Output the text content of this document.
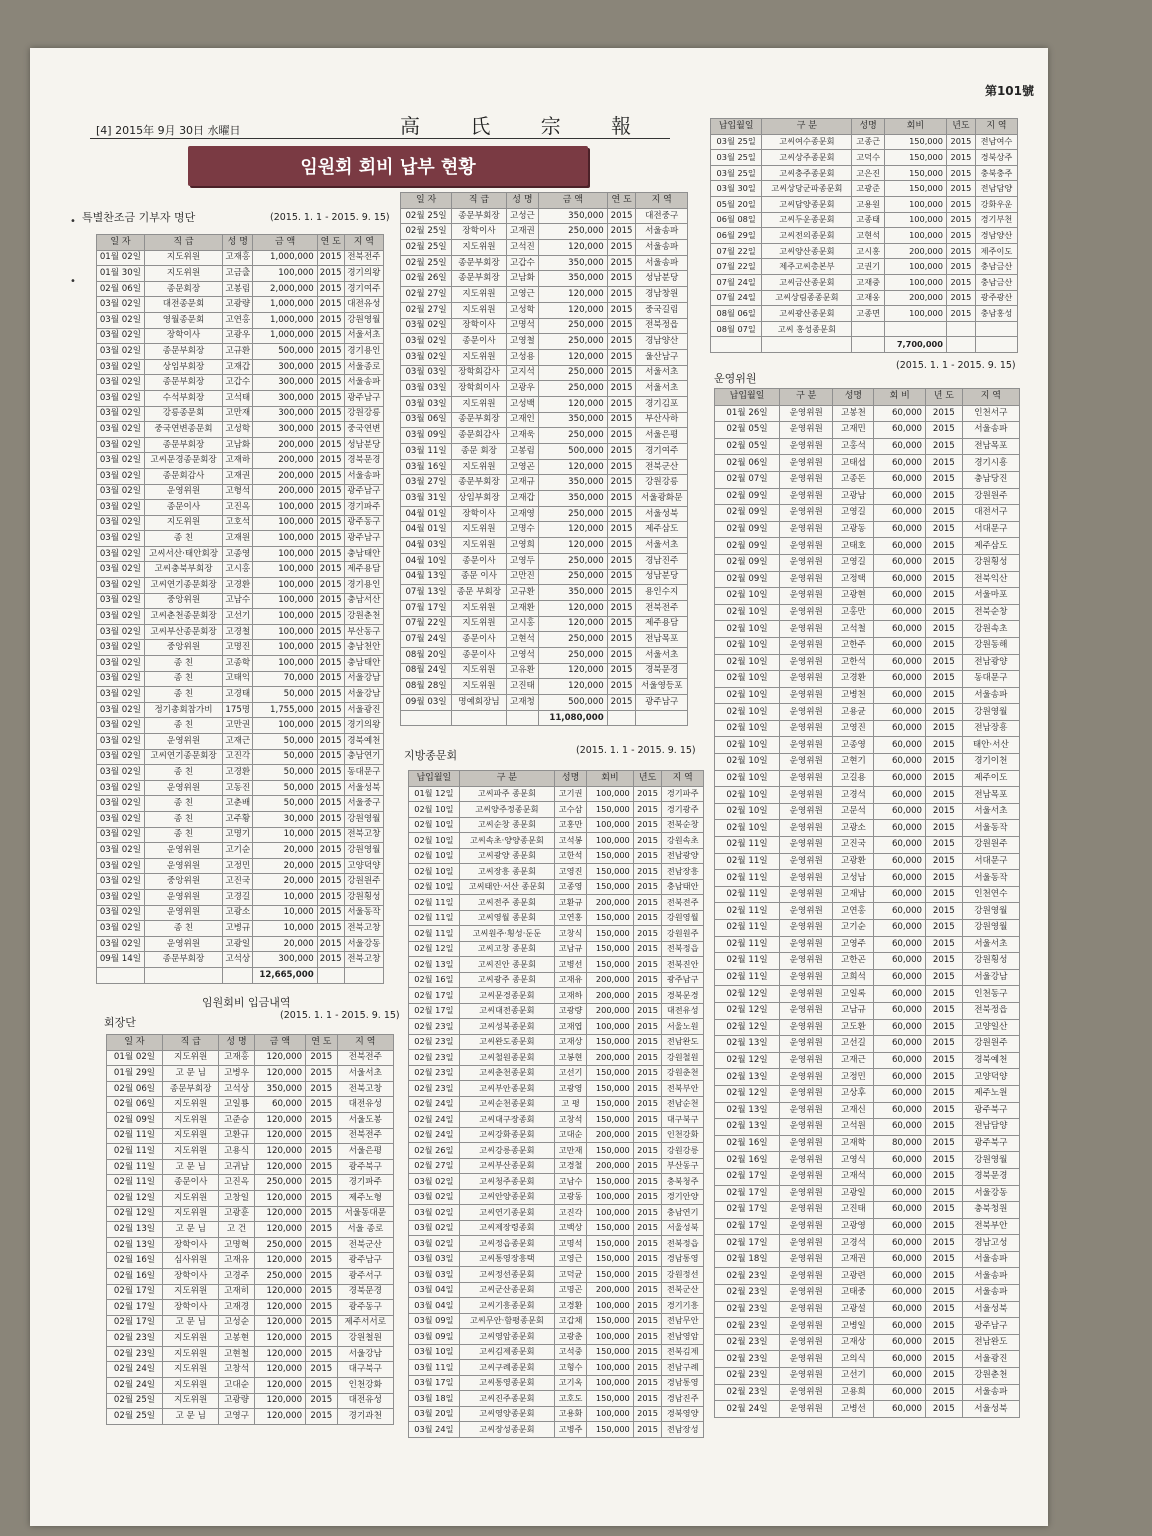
第101號
[4] 2015年 9月 30日 水曜日	高 氏 宗 報
임원회 회비 납부 현황
•
•
특별찬조금 기부자 명단	(2015. 1. 1 - 2015. 9. 15)
일 자	직 급	성 명	금 액	연 도	지 역
01월 02일	지도위원	고재홍	1,000,000	2015	전북전주
01월 30일	지도위원	고금출	100,000	2015	경기의왕
02월 06일	종문회장	고봉림	2,000,000	2015	경기여주
03월 02일	대전종문회	고광량	1,000,000	2015	대전유성
03월 02일	영월종문회	고연홍	1,000,000	2015	강원영월
03월 02일	장학이사	고광우	1,000,000	2015	서울서초
03월 02일	종문부회장	고규환	500,000	2015	경기용인
03월 02일	상임부회장	고재갑	300,000	2015	서울종로
03월 02일	종문부회장	고갑수	300,000	2015	서울송파
03월 02일	수석부회장	고석태	300,000	2015	광주남구
03월 02일	강릉종문회	고만재	300,000	2015	강원강릉
03월 02일	중국연변종문회	고성학	300,000	2015	중국연변
03월 02일	종문부회장	고남화	200,000	2015	성남분당
03월 02일	고씨문경종문회장	고재하	200,000	2015	경북문경
03월 02일	종문회감사	고재권	200,000	2015	서울송파
03월 02일	운영위원	고형석	200,000	2015	광주남구
03월 02일	종문이사	고진옥	100,000	2015	경기파주
03월 02일	지도위원	고호석	100,000	2015	광주동구
03월 02일	종 친	고재원	100,000	2015	광주남구
03월 02일	고씨서산·태안회장	고종영	100,000	2015	충남태안
03월 02일	고씨충북부회장	고시홍	100,000	2015	제주용담
03월 02일	고씨연기종문회장	고경환	100,000	2015	경기용인
03월 02일	중앙위원	고남수	100,000	2015	충남서산
03월 02일	고씨춘천종문회장	고선기	100,000	2015	강원춘천
03월 02일	고씨부산종문회장	고경철	100,000	2015	부산동구
03월 02일	중앙위원	고명진	100,000	2015	충남천안
03월 02일	종 친	고종학	100,000	2015	충남태안
03월 02일	종 친	고태익	70,000	2015	서울강남
03월 02일	종 친	고경태	50,000	2015	서울강남
03월 02일	정기총회참가비	175명	1,755,000	2015	서울광진
03월 02일	종 친	고만권	100,000	2015	경기의왕
03월 02일	운영위원	고재근	50,000	2015	경북예천
03월 02일	고씨연기종문회장	고진각	50,000	2015	충남연기
03월 02일	종 친	고경환	50,000	2015	동대문구
03월 02일	운영위원	고동진	50,000	2015	서울성북
03월 02일	종 친	고춘배	50,000	2015	서울중구
03월 02일	종 친	고주황	30,000	2015	강원영월
03월 02일	종 친	고명기	10,000	2015	전북고창
03월 02일	운영위원	고기순	20,000	2015	강원영월
03월 02일	운영위원	고정민	20,000	2015	고양덕양
03월 02일	중앙위원	고진국	20,000	2015	강원원주
03월 02일	운영위원	고경길	10,000	2015	강원횡성
03월 02일	운영위원	고광소	10,000	2015	서울동작
03월 02일	종 친	고병규	10,000	2015	전북고창
03월 02일	운영위원	고광일	20,000	2015	서울강동
09월 14일	종문부회장	고석상	300,000	2015	전북고창
			12,665,000		
임원회비 입금내역
회장단
(2015. 1. 1 - 2015. 9. 15)
일 자	직 급	성 명	금 액	연 도	지 역
01월 02일	지도위원	고재홍	120,000	2015	전북전주
01월 29일	고 문 님	고병우	120,000	2015	서울서초
02월 06일	종문부회장	고석상	350,000	2015	전북고창
02월 06일	지도위원	고일룡	60,000	2015	대전유성
02월 09일	지도위원	고준승	120,000	2015	서울도봉
02월 11일	지도위원	고환규	120,000	2015	전북전주
02월 11일	지도위원	고용식	120,000	2015	서울은평
02월 11일	고 문 님	고귀남	120,000	2015	광주북구
02월 11일	종문이사	고진옥	250,000	2015	경기파주
02월 12일	지도위원	고창일	120,000	2015	제주노형
02월 12일	지도위원	고광훈	120,000	2015	서울동대문
02월 13일	고 문 님	고 건	120,000	2015	서울 종로
02월 13일	장학이사	고명혁	250,000	2015	전북군산
02월 16일	심사위원	고재유	120,000	2015	광주남구
02월 16일	장학이사	고경주	250,000	2015	광주서구
02월 17일	지도위원	고재히	120,000	2015	경북문경
02월 17일	장학이사	고재경	120,000	2015	광주동구
02월 17일	고 문 님	고성순	120,000	2015	제주서서로
02월 23일	지도위원	고봉현	120,000	2015	강원철원
02월 23일	지도위원	고현철	120,000	2015	서울강남
02월 24일	지도위원	고창석	120,000	2015	대구북구
02월 24일	지도위원	고대순	120,000	2015	인천강화
02월 25일	지도위원	고광량	120,000	2015	대전유성
02월 25일	고 문 님	고영구	120,000	2015	경기과천
일 자	직 급	성 명	금 액	연 도	지 역
02월 25일	종문부회장	고성근	350,000	2015	대전중구
02월 25일	장학이사	고재권	250,000	2015	서울송파
02월 25일	지도위원	고석진	120,000	2015	서울송파
02월 25일	종문부회장	고갑수	350,000	2015	서울송파
02월 26일	종문부회장	고남화	350,000	2015	성남분당
02월 27일	지도위원	고영근	120,000	2015	경남창원
02월 27일	지도위원	고성학	120,000	2015	중국길림
03월 02일	장학이사	고명석	250,000	2015	전북정읍
03월 02일	종문이사	고영철	250,000	2015	경남양산
03월 02일	지도위원	고성용	120,000	2015	울산남구
03월 03일	장학회감사	고지석	250,000	2015	서울서초
03월 03일	장학회이사	고광우	250,000	2015	서울서초
03월 03일	지도위원	고성백	120,000	2015	경기김포
03월 06일	종문부회장	고재인	350,000	2015	부산사하
03월 09일	종문회감사	고재욱	250,000	2015	서울은평
03월 11일	종문 회장	고봉림	500,000	2015	경기여주
03월 16일	지도위원	고영곤	120,000	2015	전북군산
03월 27일	종문부회장	고재규	350,000	2015	강원강릉
03월 31일	상임부회장	고재갑	350,000	2015	서울광화문
04월 01일	장학이사	고재영	250,000	2015	서울성북
04월 01일	지도위원	고명수	120,000	2015	제주삼도
04월 03일	지도위원	고영희	120,000	2015	서울서초
04월 10일	종문이사	고영두	250,000	2015	경남진주
04월 13일	종문 이사	고만진	250,000	2015	성남분당
07월 13일	종문 부회장	고규환	350,000	2015	용인수지
07월 17일	지도위원	고재환	120,000	2015	전북전주
07월 22일	지도위원	고시홍	120,000	2015	제주용담
07월 24일	종문이사	고현석	250,000	2015	전남목포
08월 20일	종문이사	고영석	250,000	2015	서울서초
08월 24일	지도위원	고유환	120,000	2015	경북문경
08월 28일	지도위원	고진태	120,000	2015	서울영등포
09월 03일	명예회장님	고재청	500,000	2015	광주남구
			11,080,000		
지방종문회	(2015. 1. 1 - 2015. 9. 15)
납입월일	구 분	성명	회비	년도	지 역
01월 12일	고씨파주 종문회	고기권	100,000	2015	경기파주
02월 10일	고씨양주정종문회	고수삼	150,000	2015	경기광주
02월 10일	고씨순창 종문회	고홍만	100,000	2015	전북순창
02월 10일	고씨속초·양양종문회	고석봉	100,000	2015	강원속초
02월 10일	고씨광양 종문회	고한석	150,000	2015	전남광양
02월 10일	고씨장흥 종문회	고영진	150,000	2015	전남장흥
02월 10일	고씨태안·서산 종문회	고종영	150,000	2015	충남태안
02월 11일	고씨전주 종문회	고환규	200,000	2015	전북전주
02월 11일	고씨영월 종문회	고연홍	150,000	2015	강원영월
02월 11일	고씨원주·횡성·둔둔	고창식	150,000	2015	강원원주
02월 12일	고씨고창 종문회	고남규	150,000	2015	전북정읍
02월 13일	고씨진안 종문회	고병선	150,000	2015	전북진안
02월 16일	고씨광주 종문회	고재유	200,000	2015	광주남구
02월 17일	고씨문경종문회	고재하	200,000	2015	경북문경
02월 17일	고씨대전종문회	고광량	200,000	2015	대전유성
02월 23일	고씨성북종문회	고재엽	100,000	2015	서울노원
02월 23일	고씨완도종문회	고재상	150,000	2015	전남완도
02월 23일	고씨철원종문회	고봉현	200,000	2015	강원철원
02월 23일	고씨춘천종문회	고선기	150,000	2015	강원춘천
02월 23일	고씨부안종문회	고광영	150,000	2015	전북부안
02월 24일	고씨순천종문회	고 평	150,000	2015	전남순천
02월 24일	고씨대구장종회	고창석	150,000	2015	대구북구
02월 24일	고씨강화종문회	고대순	200,000	2015	인천강화
02월 26일	고씨강릉종문회	고만재	150,000	2015	강원강릉
02월 27일	고씨부산종문회	고경철	200,000	2015	부산동구
03월 02일	고씨청주종문회	고남수	150,000	2015	충북청주
03월 02일	고씨안양종문회	고광동	100,000	2015	경기안양
03월 02일	고씨연기종문회	고진각	100,000	2015	충남연기
03월 02일	고씨제장령종회	고백상	150,000	2015	서울성북
03월 02일	고씨정읍종문회	고명석	150,000	2015	전북정읍
03월 03일	고씨통영장흥택	고영근	150,000	2015	경남통영
03월 03일	고씨정선종문회	고덕균	150,000	2015	강원정선
03월 04일	고씨군산종문회	고명곤	200,000	2015	전북군산
03월 04일	고씨기흥종문회	고경환	100,000	2015	경기기흥
03월 09일	고씨무안·함평종문회	고갑채	150,000	2015	전남무안
03월 09일	고씨영암종문회	고광춘	100,000	2015	전남영암
03월 10일	고씨김제종문회	고석중	150,000	2015	전북김제
03월 11일	고씨구례종문회	고형수	100,000	2015	전남구례
03월 17일	고씨통영종문회	고기옥	100,000	2015	경남통영
03월 18일	고씨진주종문회	고호도	150,000	2015	경남진주
03월 20일	고씨영양종문회	고용화	100,000	2015	경북영양
03월 24일	고씨장성종문회	고병주	150,000	2015	전남장성
납입월일	구 분	성명	회비	년도	지 역
03월 25일	고씨여수종문회	고종근	150,000	2015	전남여수
03월 25일	고씨상주종문회	고덕수	150,000	2015	경북상주
03월 25일	고씨충주종문회	고은진	150,000	2015	충북충주
03월 30일	고씨상당군파종문회	고광준	150,000	2015	전남담양
05월 20일	고씨담양종문회	고용원	100,000	2015	강화우운
06월 08일	고씨두운종문회	고종태	100,000	2015	경기부천
06월 29일	고씨전의종문회	고현석	100,000	2015	경남양산
07월 22일	고씨양산종문회	고시홍	200,000	2015	제주이도
07월 22일	제주고씨총본부	고권기	100,000	2015	충남금산
07월 24일	고씨금산종문회	고재중	100,000	2015	충남금산
07월 24일	고씨상림종종문회	고재웅	200,000	2015	광주광산
08월 06일	고씨광산종문회	고종면	100,000	2015	충남홍성
08월 07일	고씨 홍성종문회				
			7,700,000		
운영위원
(2015. 1. 1 - 2015. 9. 15)
납입월일	구 분	성명	회 비	년 도	지 역
01월 26일	운영위원	고봉천	60,000	2015	인천서구
02월 05일	운영위원	고재민	60,000	2015	서울송파
02월 05일	운영위원	고홍석	60,000	2015	전남목포
02월 06일	운영위원	고태섭	60,000	2015	경기시흥
02월 07일	운영위원	고종돈	60,000	2015	충남당진
02월 09일	운영위원	고광남	60,000	2015	강원원주
02월 09일	운영위원	고영길	60,000	2015	대전서구
02월 09일	운영위원	고광동	60,000	2015	서대문구
02월 09일	운영위원	고태호	60,000	2015	제주삼도
02월 09일	운영위원	고영길	60,000	2015	강원횡성
02월 09일	운영위원	고정택	60,000	2015	전북익산
02월 10일	운영위원	고광현	60,000	2015	서울마포
02월 10일	운영위원	고홍만	60,000	2015	전북순창
02월 10일	운영위원	고석철	60,000	2015	강원속초
02월 10일	운영위원	고한주	60,000	2015	강원동해
02월 10일	운영위원	고한석	60,000	2015	전남광양
02월 10일	운영위원	고경환	60,000	2015	동대문구
02월 10일	운영위원	고병천	60,000	2015	서울송파
02월 10일	운영위원	고용균	60,000	2015	강원영월
02월 10일	운영위원	고영진	60,000	2015	전남장흥
02월 10일	운영위원	고종영	60,000	2015	태안·서산
02월 10일	운영위원	고현기	60,000	2015	경기이천
02월 10일	운영위원	고길용	60,000	2015	제주이도
02월 10일	운영위원	고경석	60,000	2015	전남목포
02월 10일	운영위원	고문석	60,000	2015	서울서초
02월 10일	운영위원	고광소	60,000	2015	서울동작
02월 11일	운영위원	고진국	60,000	2015	강원원주
02월 11일	운영위원	고광환	60,000	2015	서대문구
02월 11일	운영위원	고성남	60,000	2015	서울동작
02월 11일	운영위원	고재남	60,000	2015	인천연수
02월 11일	운영위원	고연홍	60,000	2015	강원영월
02월 11일	운영위원	고기순	60,000	2015	강원영월
02월 11일	운영위원	고영주	60,000	2015	서울서초
02월 11일	운영위원	고한곤	60,000	2015	강원횡성
02월 11일	운영위원	고희석	60,000	2015	서울강남
02월 12일	운영위원	고일록	60,000	2015	인천동구
02월 12일	운영위원	고남규	60,000	2015	전북정읍
02월 12일	운영위원	고도환	60,000	2015	고양일산
02월 13일	운영위원	고선길	60,000	2015	강원원주
02월 12일	운영위원	고재근	60,000	2015	경북예천
02월 13일	운영위원	고정민	60,000	2015	고양덕양
02월 12일	운영위원	고상후	60,000	2015	제주노원
02월 13일	운영위원	고재신	60,000	2015	광주북구
02월 13일	운영위원	고석원	60,000	2015	전남담양
02월 16일	운영위원	고재학	80,000	2015	광주북구
02월 16일	운영위원	고영식	60,000	2015	강원영월
02월 17일	운영위원	고재석	60,000	2015	경북문경
02월 17일	운영위원	고광일	60,000	2015	서울강동
02월 17일	운영위원	고진태	60,000	2015	충북청원
02월 17일	운영위원	고광영	60,000	2015	전북부안
02월 17일	운영위원	고경석	60,000	2015	경남고성
02월 18일	운영위원	고재권	60,000	2015	서울송파
02월 23일	운영위원	고광련	60,000	2015	서울송파
02월 23일	운영위원	고태중	60,000	2015	서울송파
02월 23일	운영위원	고광설	60,000	2015	서울성북
02월 23일	운영위원	고병일	60,000	2015	광주남구
02월 23일	운영위원	고재상	60,000	2015	전남완도
02월 23일	운영위원	고의식	60,000	2015	서울광진
02월 23일	운영위원	고선기	60,000	2015	강원춘천
02월 23일	운영위원	고용희	60,000	2015	서울송파
02월 24일	운영위원	고병선	60,000	2015	서울성북
